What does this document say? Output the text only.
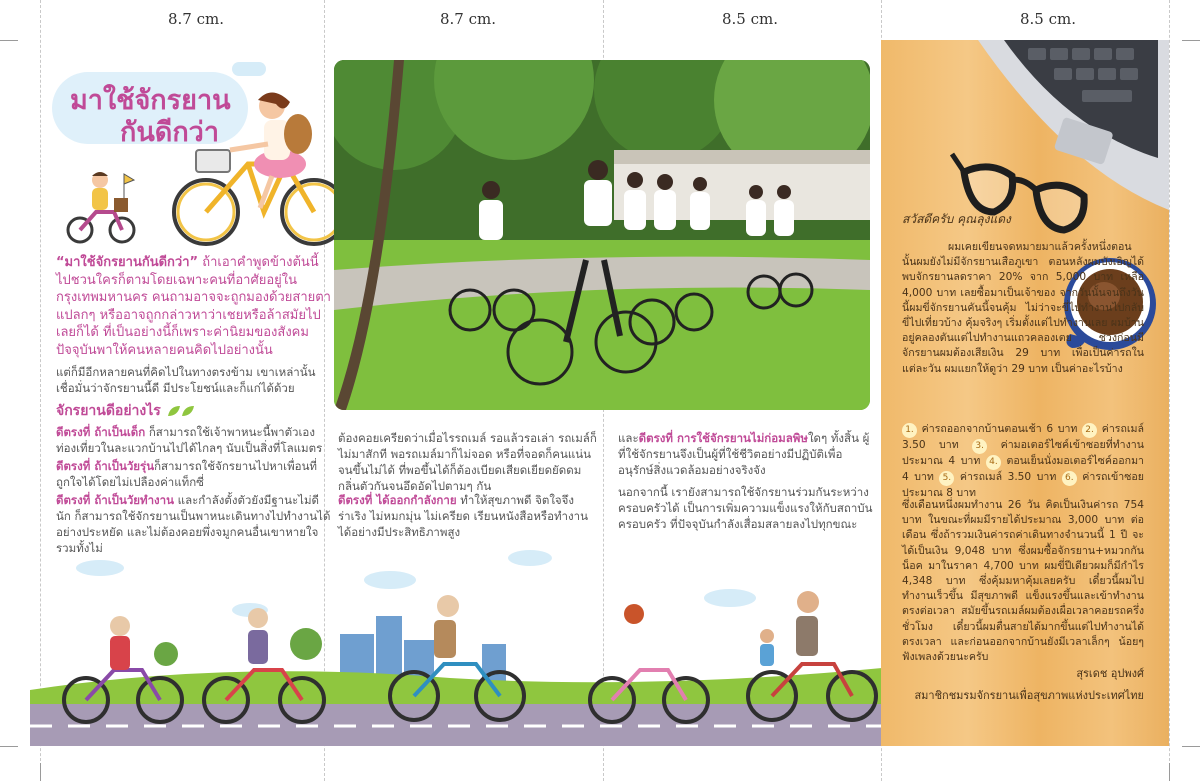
8.7 cm.	8.7 cm.	8.5 cm.	8.5 cm.
มาใช้จักรยาน
กันดีกว่า
“มาใช้จักรยานกันดีกว่า” ถ้าเอาคำพูดข้างต้นนี้ไปชวนใครก็ตามโดยเฉพาะคนที่อาศัยอยู่ในกรุงเทพมหานคร คนถามอาจจะถูกมองด้วยสายตาแปลกๆ หรืออาจถูกกล่าวหาว่าเชยหรือล้าสมัยไปเลยก็ได้ ที่เป็นอย่างนี้ก็เพราะค่านิยมของสังคมปัจจุบันพาให้คนหลายคนคิดไปอย่างนั้น
แต่ก็มีอีกหลายคนที่คิดไปในทางตรงข้าม เขาเหล่านั้นเชื่อมั่นว่าจักรยานนี้ดี มีประโยชน์และก็แก่ได้ด้วย
จักรยานดีอย่างไร
ดีตรงที่ ถ้าเป็นเด็ก ก็สามารถใช้เจ้าพาหนะนี้พาตัวเองท่องเที่ยวในละแวกบ้านไปได้ไกลๆ นับเป็นสิ่งที่โลแมตร
ดีตรงที่ ถ้าเป็นวัยรุ่นก็สามารถใช้จักรยานไปหาเพื่อนที่ถูกใจได้โดยไม่เปลืองค่าแท็กซี่
ดีตรงที่ ถ้าเป็นวัยทำงาน และกำลังตั้งตัวยังมีฐานะไม่ดีนัก ก็สามารถใช้จักรยานเป็นพาหนะเดินทางไปทำงานได้อย่างประหยัด และไม่ต้องคอยพึ่งจมูกคนอื่นเขาหายใจ รวมทั้งไม่
ต้องคอยเครียดว่าเมื่อไรรถเมล์ รอแล้วรอเล่า รถเมล์ก็ไม่มาสักที พอรถเมล์มาก็ไม่จอด หรือที่จอดก็คนแน่นจนขึ้นไม่ได้ ที่พอขึ้นได้ก็ต้องเบียดเสียดเยียดยัดดมกลิ่นตัวกันจนอึดอัดไปตามๆ กัน
ดีตรงที่ ได้ออกกำลังกาย ทำให้สุขภาพดี จิตใจจึงร่าเริง ไม่หมกมุ่น ไม่เครียด เรียนหนังสือหรือทำงานได้อย่างมีประสิทธิภาพสูง
และดีตรงที่ การใช้จักรยานไม่ก่อมลพิษใดๆ ทั้งสิ้น ผู้ที่ใช้จักรยานจึงเป็นผู้ที่ใช้ชีวิตอย่างมีปฏิบัติเพื่ออนุรักษ์สิ่งแวดล้อมอย่างจริงจัง
นอกจากนี้ เรายังสามารถใช้จักรยานร่วมกันระหว่างครอบครัวได้ เป็นการเพิ่มความแข็งแรงให้กับสถาบันครอบครัว ที่ปัจจุบันกำลังเสื่อมสลายลงไปทุกขณะ
สวัสดีครับ คุณลุงแดง
ผมเคยเขียนจดหมายมาแล้วครั้งหนึ่งตอนนั้นผมยังไม่มีจักรยานเสือภูเขา ตอนหลังผมบังเอิญได้พบจักรยานลดราคา 20% จาก 5,000 บาท เหลือ 4,000 บาท เลยซื้อมาเป็นเจ้าของ จากวันนั้นจนถึงวันนี้ผมขี่จักรยานคันนี้จนคุ้ม ไม่ว่าจะขี่ไปทำงานไปกลับ ขี่ไปเที่ยวบ้าง คุ้มจริงๆ เริ่มตั้งแต่ไปทำงานเลย ผมบ้านอยู่คลองตันแต่ไปทำงานแถวคลองเตย ช่วงก่อนมีจักรยานผมต้องเสียเงิน 29 บาท เพื่อเป็นค่ารถในแต่ละวัน ผมแยกให้ดูว่า 29 บาท เป็นค่าอะไรบ้าง
1. ค่ารถออกจากบ้านตอนเช้า 6 บาท 2. ค่ารถเมล์ 3.50 บาท 3. ค่ามอเตอร์ไซค์เข้าซอยที่ทำงานประมาณ 4 บาท 4. ตอนเย็นนั่งมอเตอร์ไซค์ออกมา 4 บาท 5. ค่ารถเมล์ 3.50 บาท 6. ค่ารถเข้าซอยประมาณ 8 บาท
ซึ่งเดือนหนึ่งผมทำงาน 26 วัน คิดเป็นเงินค่ารถ 754 บาท ในขณะที่ผมมีรายได้ประมาณ 3,000 บาท ต่อเดือน ซึ่งถ้ารวมเงินค่ารถค่าเดินทางจำนวนนี้ 1 ปี จะได้เป็นเงิน 9,048 บาท ซึ่งผมซื้อจักรยาน+หมวกกันน็อค มาในราคา 4,700 บาท ผมขี่ปีเดียวผมก็มีกำไร 4,348 บาท ซึ่งคุ้มมหาคุ้มเลยครับ เดี๋ยวนี้ผมไปทำงานเร็วขึ้น มีสุขภาพดี แข็งแรงขึ้นและเข้าทำงานตรงต่อเวลา สมัยขึ้นรถเมล์ผมต้องเผื่อเวลาคอยรถครึ่งชั่วโมง เดี๋ยวนี้ผมตื่นสายได้มากขึ้นแต่ไปทำงานได้ตรงเวลา และก่อนออกจากบ้านยังมีเวลาเล็กๆ น้อยๆ ฟังเพลงด้วยนะครับ
สุรเดช อุปพงศ์
สมาชิกชมรมจักรยานเพื่อสุขภาพแห่งประเทศไทย
